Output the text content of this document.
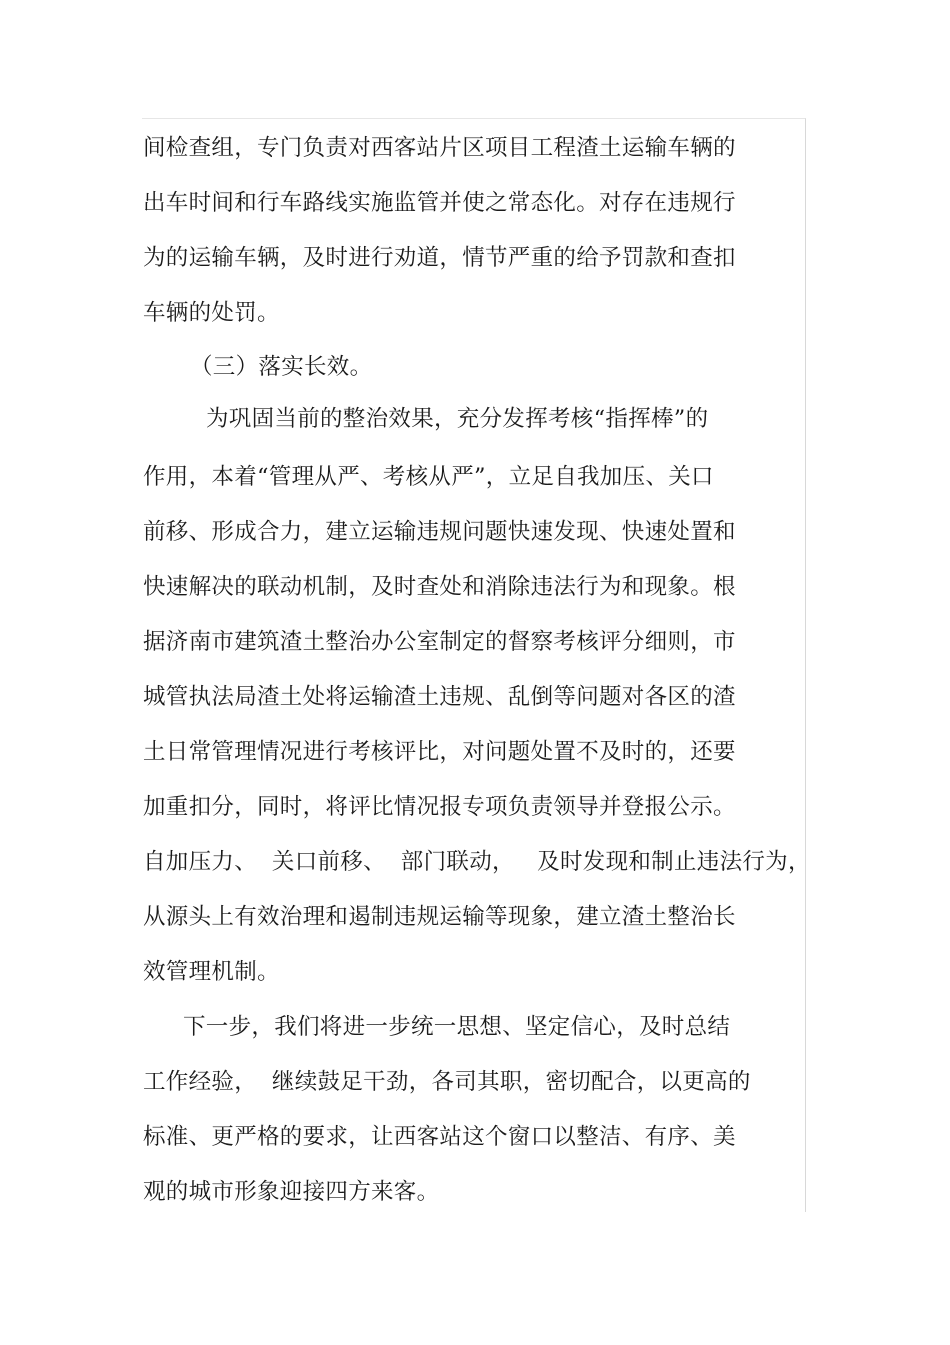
间检查组，专门负责对西客站片区项目工程渣土运输车辆的
出车时间和行车路线实施监管并使之常态化。对存在违规行
为的运输车辆，及时进行劝道，情节严重的给予罚款和查扣
车辆的处罚。
（三）落实长效。
为巩固当前的整治效果，充分发挥考核“指挥棒”的
作用，本着“管理从严、考核从严”，立足自我加压、关口
前移、形成合力，建立运输违规问题快速发现、快速处置和
快速解决的联动机制，及时查处和消除违法行为和现象。根
据济南市建筑渣土整治办公室制定的督察考核评分细则，市
城管执法局渣土处将运输渣土违规、乱倒等问题对各区的渣
土日常管理情况进行考核评比，对问题处置不及时的，还要
加重扣分，同时，将评比情况报专项负责领导并登报公示。
自加压力、  关口前移、  部门联动，   及时发现和制止违法行为，
从源头上有效治理和遏制违规运输等现象，建立渣土整治长
效管理机制。
下一步，我们将进一步统一思想、坚定信心，及时总结
工作经验，  继续鼓足干劲，各司其职，密切配合，以更高的
标准、更严格的要求，让西客站这个窗口以整洁、有序、美
观的城市形象迎接四方来客。
